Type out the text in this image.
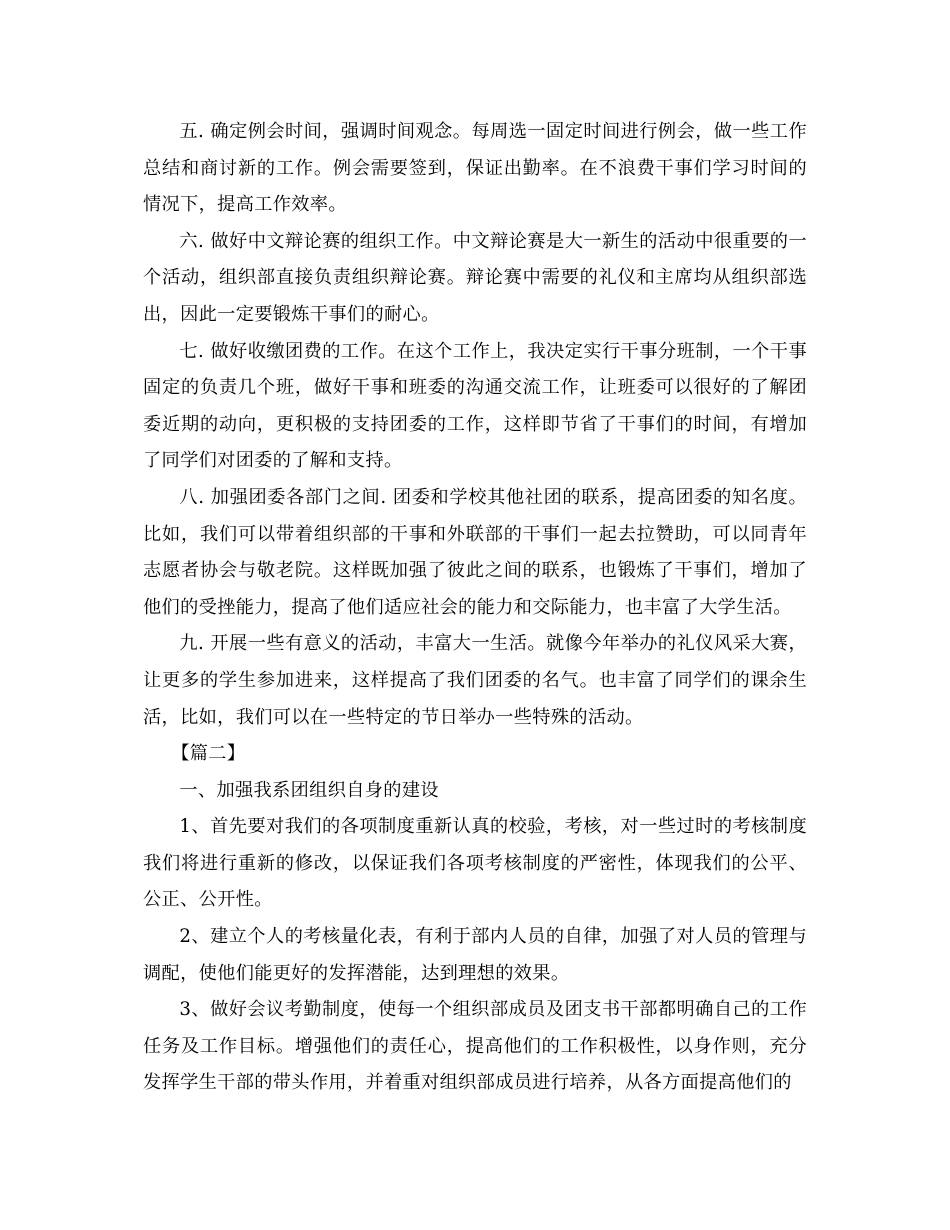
五. 确定例会时间，强调时间观念。每周选一固定时间进行例会，做一些工作总结和商讨新的工作。例会需要签到，保证出勤率。在不浪费干事们学习时间的情况下，提高工作效率。

六. 做好中文辩论赛的组织工作。中文辩论赛是大一新生的活动中很重要的一个活动，组织部直接负责组织辩论赛。辩论赛中需要的礼仪和主席均从组织部选出，因此一定要锻炼干事们的耐心。

七. 做好收缴团费的工作。在这个工作上，我决定实行干事分班制，一个干事固定的负责几个班，做好干事和班委的沟通交流工作，让班委可以很好的了解团委近期的动向，更积极的支持团委的工作，这样即节省了干事们的时间，有增加了同学们对团委的了解和支持。

八. 加强团委各部门之间. 团委和学校其他社团的联系，提高团委的知名度。比如，我们可以带着组织部的干事和外联部的干事们一起去拉赞助，可以同青年志愿者协会与敬老院。这样既加强了彼此之间的联系，也锻炼了干事们，增加了他们的受挫能力，提高了他们适应社会的能力和交际能力，也丰富了大学生活。

九. 开展一些有意义的活动，丰富大一生活。就像今年举办的礼仪风采大赛，让更多的学生参加进来，这样提高了我们团委的名气。也丰富了同学们的课余生活，比如，我们可以在一些特定的节日举办一些特殊的活动。

【篇二】

一、加强我系团组织自身的建设

1、首先要对我们的各项制度重新认真的校验，考核，对一些过时的考核制度我们将进行重新的修改，以保证我们各项考核制度的严密性，体现我们的公平、公正、公开性。

2、建立个人的考核量化表，有利于部内人员的自律，加强了对人员的管理与调配，使他们能更好的发挥潜能，达到理想的效果。

3、做好会议考勤制度，使每一个组织部成员及团支书干部都明确自己的工作任务及工作目标。增强他们的责任心，提高他们的工作积极性，以身作则，充分发挥学生干部的带头作用，并着重对组织部成员进行培养，从各方面提高他们的
